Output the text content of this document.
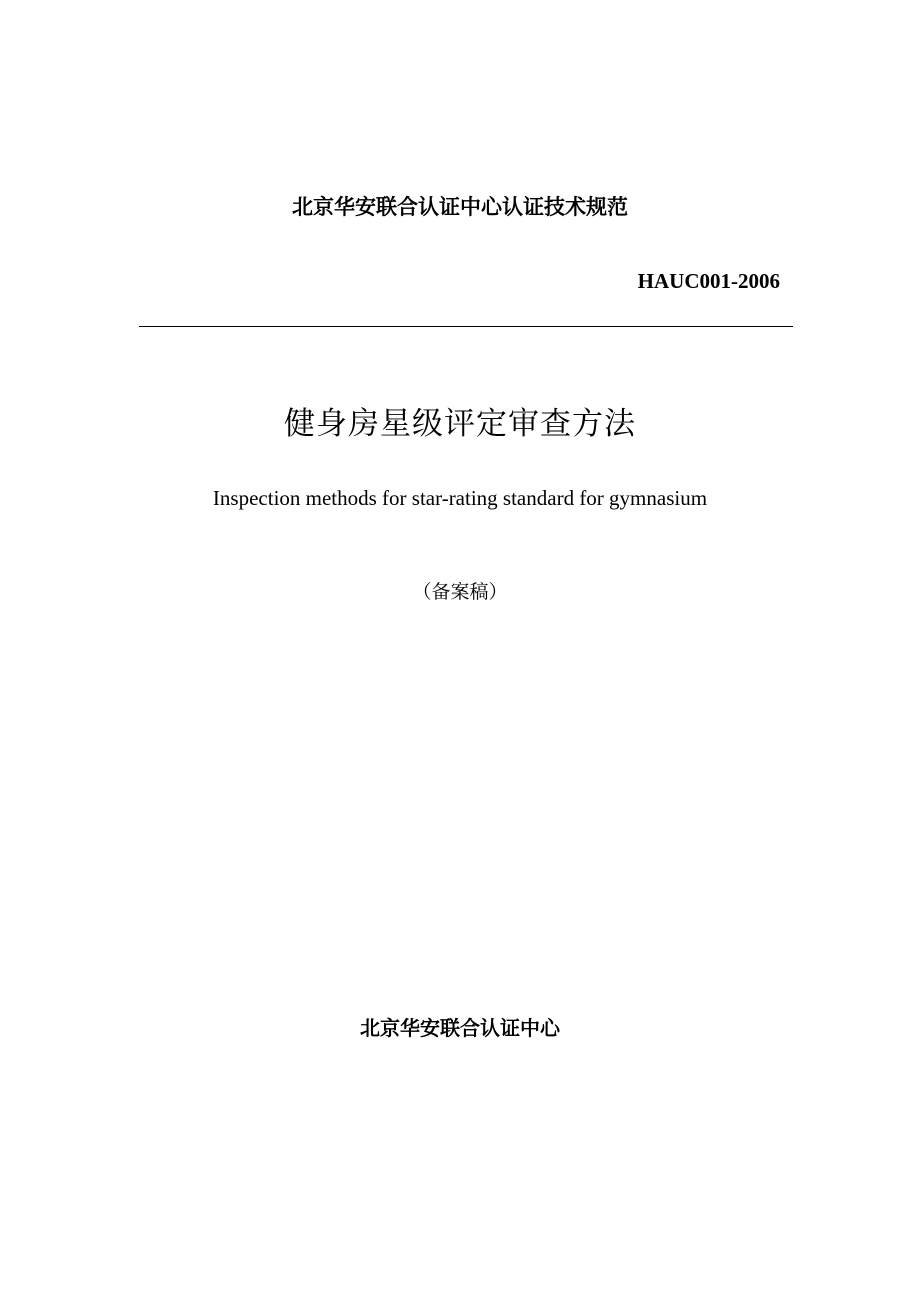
北京华安联合认证中心认证技术规范
HAUC001-2006
健身房星级评定审查方法
Inspection methods for star-rating standard for gymnasium
（备案稿）
北京华安联合认证中心
